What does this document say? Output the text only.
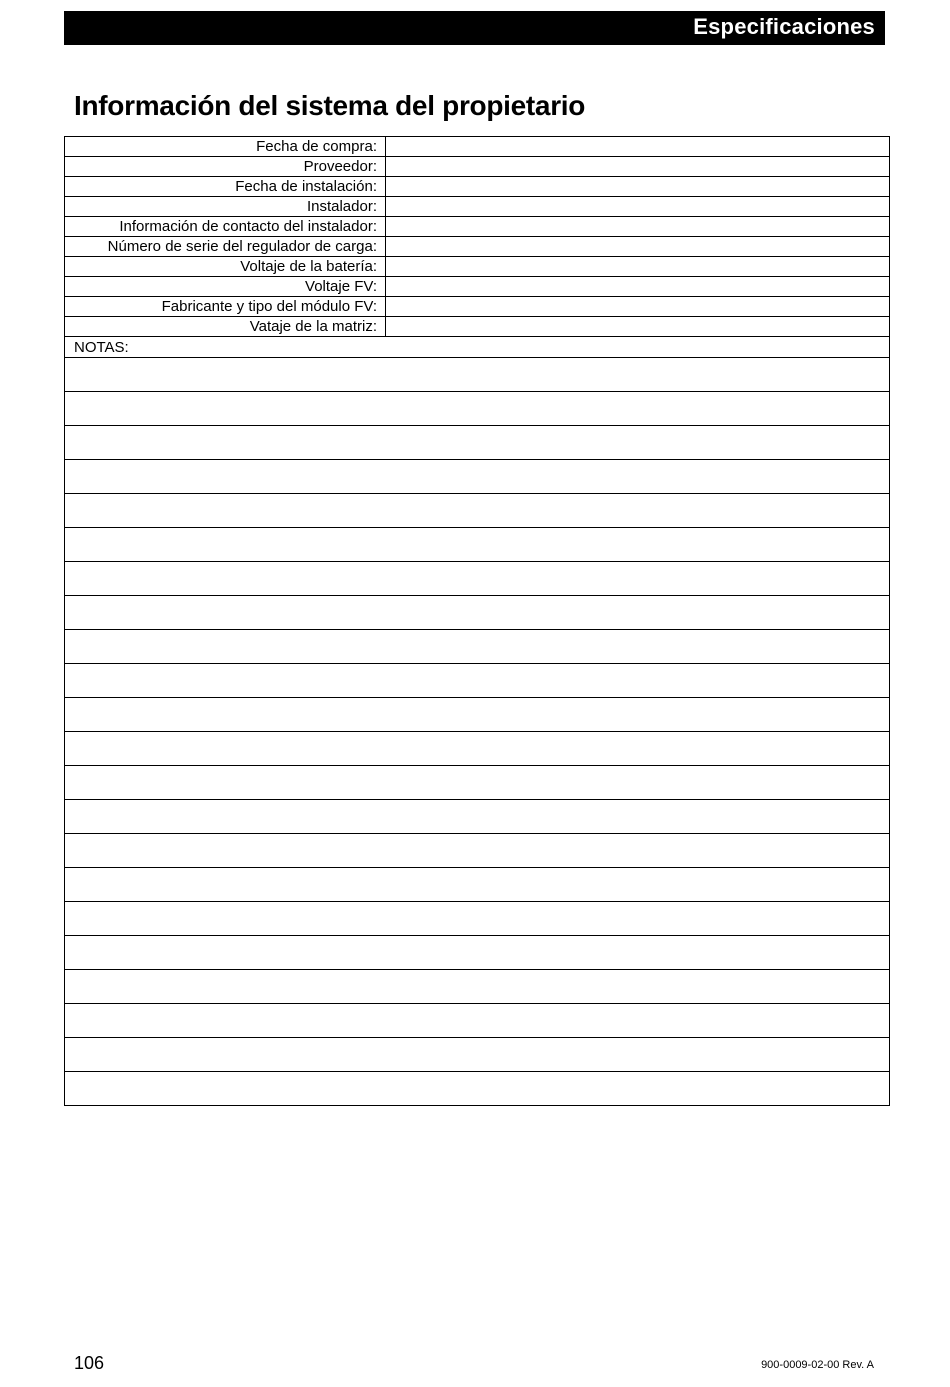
Especificaciones
Información del sistema del propietario
Fecha de compra:	
Proveedor:	
Fecha de instalación:	
Instalador:	
Información de contacto del instalador:	
Número de serie del regulador de carga:	
Voltaje de la batería:	
Voltaje FV:	
Fabricante y tipo del módulo FV:	
Vataje de la matriz:	
NOTAS:	

106	900-0009-02-00 Rev. A
